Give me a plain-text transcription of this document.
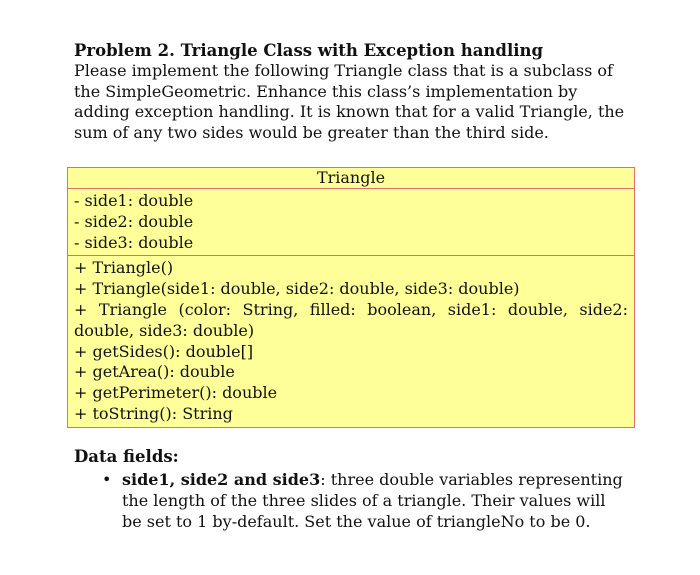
Problem 2. Triangle Class with Exception handling

Please implement the following Triangle class that is a subclass of the SimpleGeometric. Enhance this class’s implementation by adding exception handling. It is known that for a valid Triangle, the sum of any two sides would be greater than the third side.

Triangle
- side1: double
- side2: double
- side3: double
+ Triangle()
+ Triangle(side1: double, side2: double, side3: double)
+ Triangle (color: String, filled: boolean, side1: double, side2: double, side3: double)
+ getSides(): double[]
+ getArea(): double
+ getPerimeter(): double
+ toString(): String

Data fields:

• side1, side2 and side3: three double variables representing the length of the three slides of a triangle. Their values will be set to 1 by-default. Set the value of triangleNo to be 0.
